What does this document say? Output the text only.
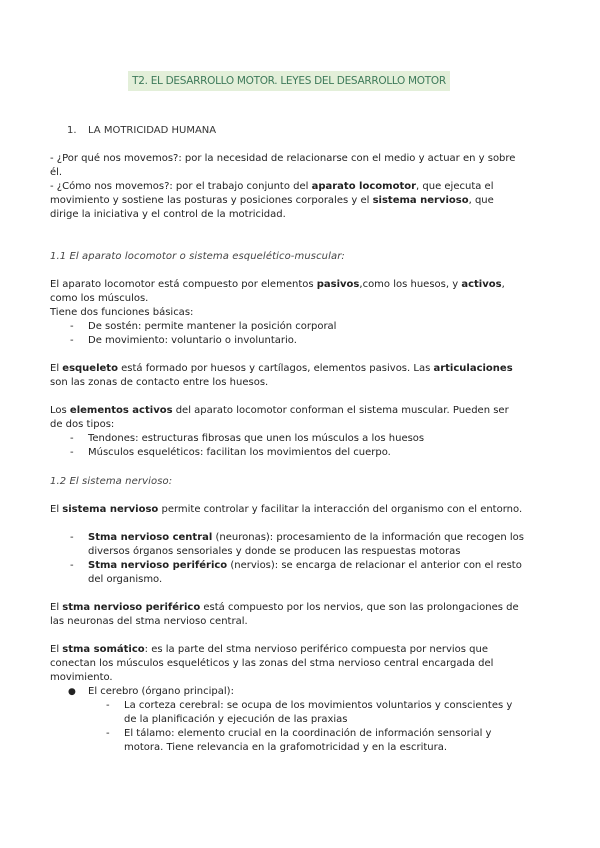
T2. EL DESARROLLO MOTOR. LEYES DEL DESARROLLO MOTOR
1. LA MOTRICIDAD HUMANA
- ¿Por qué nos movemos?: por la necesidad de relacionarse con el medio y actuar en y sobre
él.
- ¿Cómo nos movemos?: por el trabajo conjunto del aparato locomotor, que ejecuta el
movimiento y sostiene las posturas y posiciones corporales y el sistema nervioso, que
dirige la iniciativa y el control de la motricidad.
1.1 El aparato locomotor o sistema esquelético-muscular:
El aparato locomotor está compuesto por elementos pasivos,como los huesos, y activos,
como los músculos.
Tiene dos funciones básicas:
- De sostén: permite mantener la posición corporal
- De movimiento: voluntario o involuntario.
El esqueleto está formado por huesos y cartílagos, elementos pasivos. Las articulaciones
son las zonas de contacto entre los huesos.
Los elementos activos del aparato locomotor conforman el sistema muscular. Pueden ser
de dos tipos:
- Tendones: estructuras fibrosas que unen los músculos a los huesos
- Músculos esqueléticos: facilitan los movimientos del cuerpo.
1.2 El sistema nervioso:
El sistema nervioso permite controlar y facilitar la interacción del organismo con el entorno.
- Stma nervioso central (neuronas): procesamiento de la información que recogen los
diversos órganos sensoriales y donde se producen las respuestas motoras
- Stma nervioso periférico (nervios): se encarga de relacionar el anterior con el resto
del organismo.
El stma nervioso periférico está compuesto por los nervios, que son las prolongaciones de
las neuronas del stma nervioso central.
El stma somático: es la parte del stma nervioso periférico compuesta por nervios que
conectan los músculos esqueléticos y las zonas del stma nervioso central encargada del
movimiento.
● El cerebro (órgano principal):
- La corteza cerebral: se ocupa de los movimientos voluntarios y conscientes y
de la planificación y ejecución de las praxias
- El tálamo: elemento crucial en la coordinación de información sensorial y
motora. Tiene relevancia en la grafomotricidad y en la escritura.
